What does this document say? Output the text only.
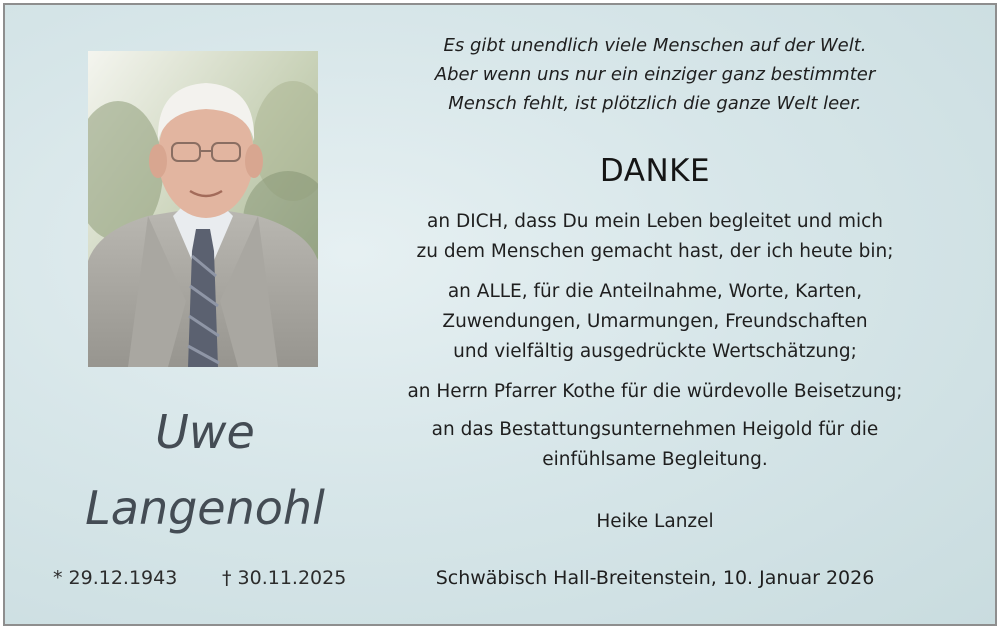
Uwe
Langenohl
* 29.12.1943 † 30.11.2025
Es gibt unendlich viele Menschen auf der Welt.
Aber wenn uns nur ein einziger ganz bestimmter
Mensch fehlt, ist plötzlich die ganze Welt leer.
DANKE
an DICH, dass Du mein Leben begleitet und mich
zu dem Menschen gemacht hast, der ich heute bin;
an ALLE, für die Anteilnahme, Worte, Karten,
Zuwendungen, Umarmungen, Freundschaften
und vielfältig ausgedrückte Wertschätzung;
an Herrn Pfarrer Kothe für die würdevolle Beisetzung;
an das Bestattungsunternehmen Heigold für die
einfühlsame Begleitung.
Heike Lanzel
Schwäbisch Hall-Breitenstein, 10. Januar 2026
